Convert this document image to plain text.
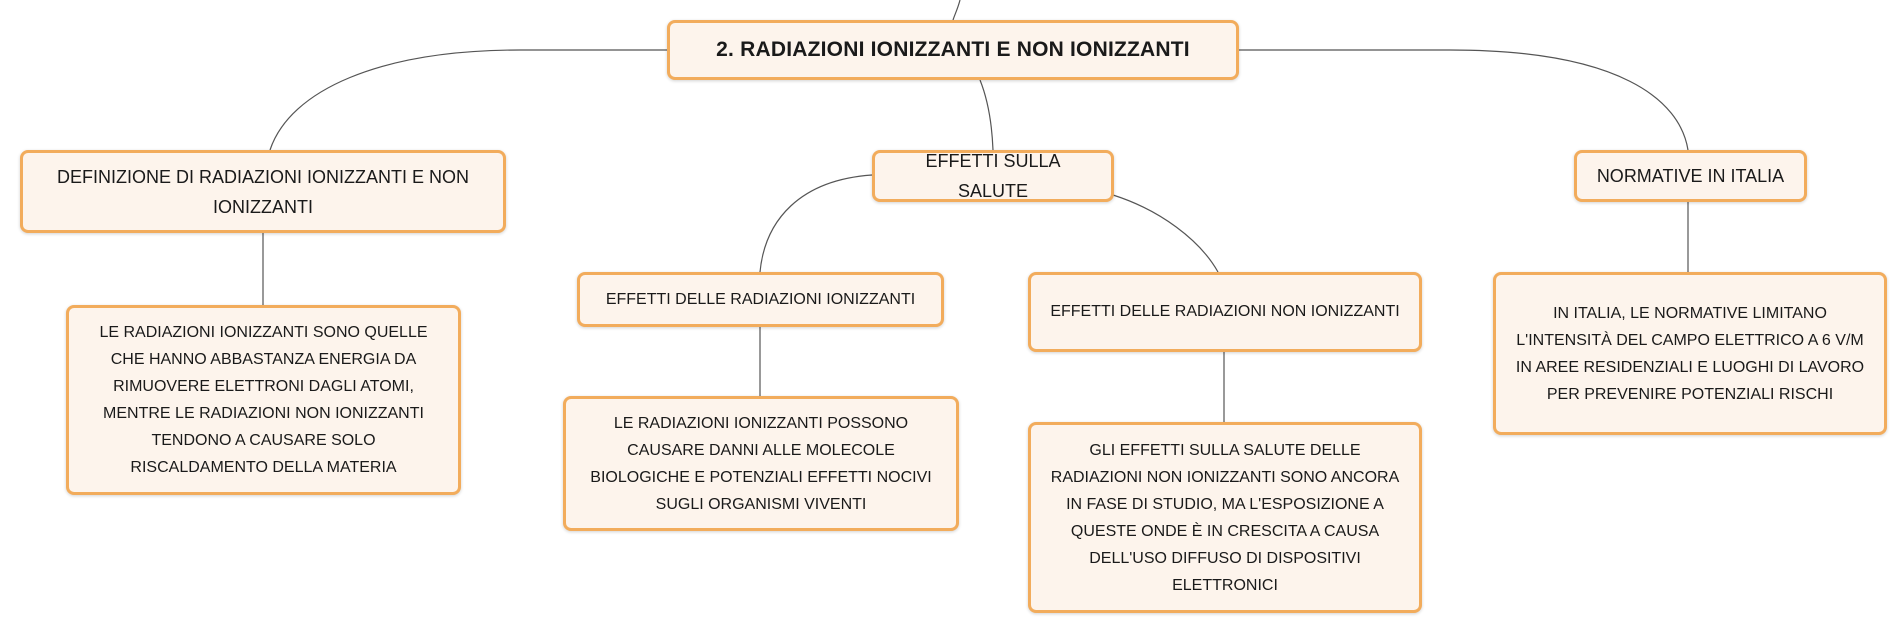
2. RADIAZIONI IONIZZANTI E NON IONIZZANTI
DEFINIZIONE DI RADIAZIONI IONIZZANTI E NON IONIZZANTI
LE RADIAZIONI IONIZZANTI SONO QUELLE CHE HANNO ABBASTANZA ENERGIA DA RIMUOVERE ELETTRONI DAGLI ATOMI, MENTRE LE RADIAZIONI NON IONIZZANTI TENDONO A CAUSARE SOLO RISCALDAMENTO DELLA MATERIA
EFFETTI SULLA SALUTE
EFFETTI DELLE RADIAZIONI IONIZZANTI
LE RADIAZIONI IONIZZANTI POSSONO CAUSARE DANNI ALLE MOLECOLE BIOLOGICHE E POTENZIALI EFFETTI NOCIVI SUGLI ORGANISMI VIVENTI
EFFETTI DELLE RADIAZIONI NON IONIZZANTI
GLI EFFETTI SULLA SALUTE DELLE RADIAZIONI NON IONIZZANTI SONO ANCORA IN FASE DI STUDIO, MA L'ESPOSIZIONE A QUESTE ONDE È IN CRESCITA A CAUSA DELL'USO DIFFUSO DI DISPOSITIVI ELETTRONICI
NORMATIVE IN ITALIA
IN ITALIA, LE NORMATIVE LIMITANO L'INTENSITÀ DEL CAMPO ELETTRICO A 6 V/M IN AREE RESIDENZIALI E LUOGHI DI LAVORO PER PREVENIRE POTENZIALI RISCHI
